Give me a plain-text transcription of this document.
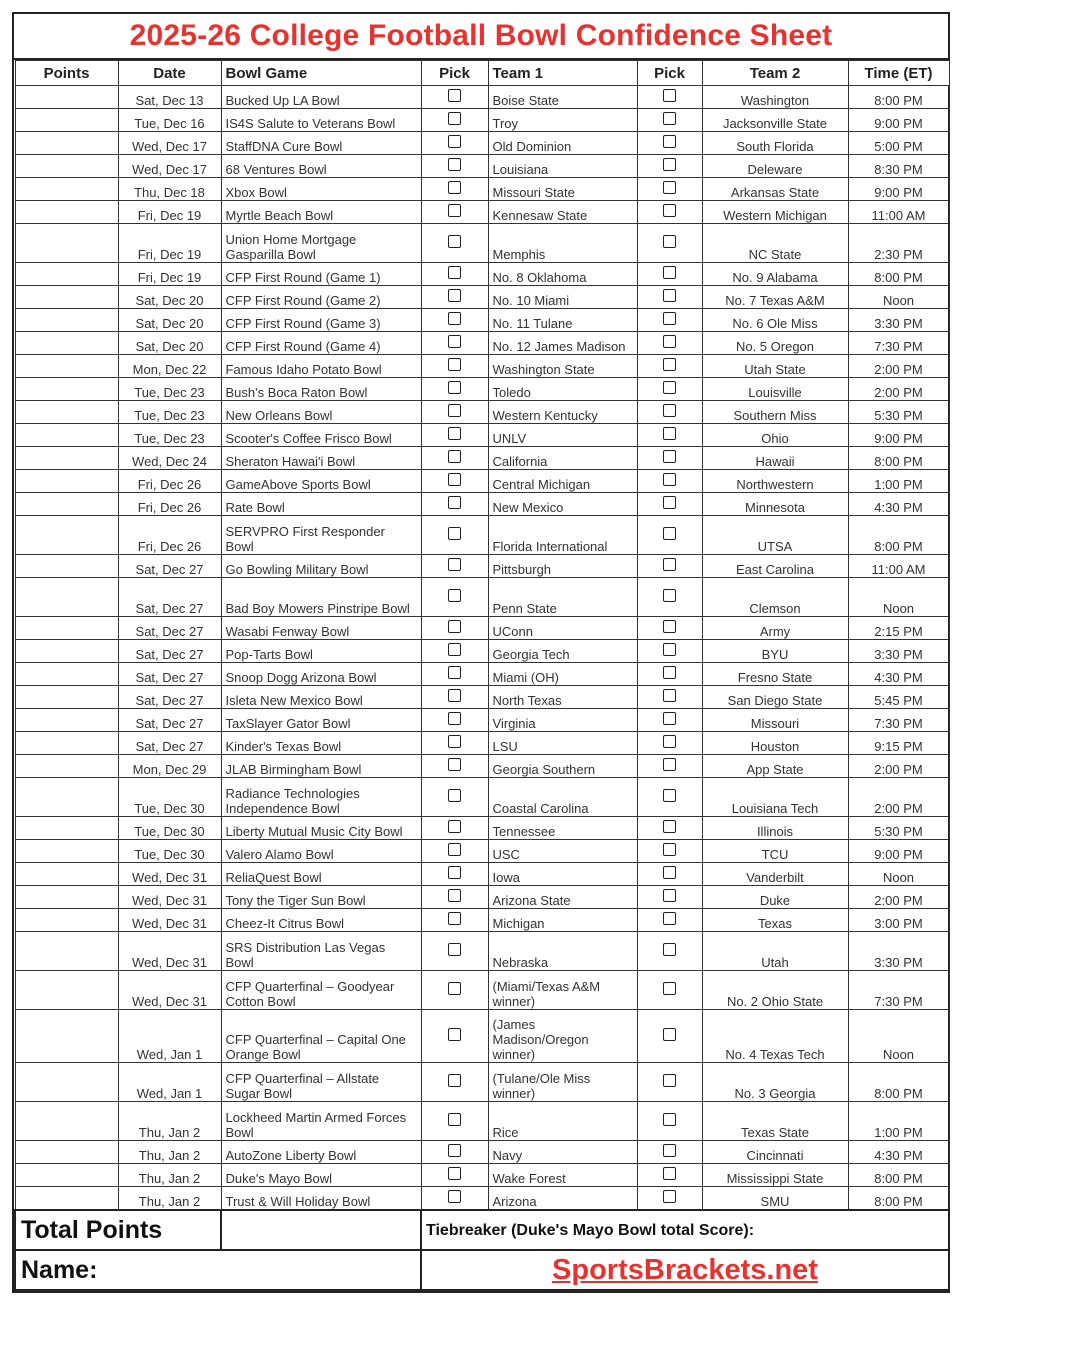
2025-26 College Football Bowl Confidence Sheet
Points	Date	Bowl Game	Pick	Team 1	Pick	Team 2	Time (ET)
	Sat, Dec 13	Bucked Up LA Bowl		Boise State		Washington	8:00 PM
	Tue, Dec 16	IS4S Salute to Veterans Bowl		Troy		Jacksonville State	9:00 PM
	Wed, Dec 17	StaffDNA Cure Bowl		Old Dominion		South Florida	5:00 PM
	Wed, Dec 17	68 Ventures Bowl		Louisiana		Deleware	8:30 PM
	Thu, Dec 18	Xbox Bowl		Missouri State		Arkansas State	9:00 PM
	Fri, Dec 19	Myrtle Beach Bowl		Kennesaw State		Western Michigan	11:00 AM
	Fri, Dec 19	Union Home Mortgage Gasparilla Bowl		Memphis		NC State	2:30 PM
	Fri, Dec 19	CFP First Round (Game 1)		No. 8 Oklahoma		No. 9 Alabama	8:00 PM
	Sat, Dec 20	CFP First Round (Game 2)		No. 10 Miami		No. 7 Texas A&M	Noon
	Sat, Dec 20	CFP First Round (Game 3)		No. 11 Tulane		No. 6 Ole Miss	3:30 PM
	Sat, Dec 20	CFP First Round (Game 4)		No. 12 James Madison		No. 5 Oregon	7:30 PM
	Mon, Dec 22	Famous Idaho Potato Bowl		Washington State		Utah State	2:00 PM
	Tue, Dec 23	Bush's Boca Raton Bowl		Toledo		Louisville	2:00 PM
	Tue, Dec 23	New Orleans Bowl		Western Kentucky		Southern Miss	5:30 PM
	Tue, Dec 23	Scooter's Coffee Frisco Bowl		UNLV		Ohio	9:00 PM
	Wed, Dec 24	Sheraton Hawai'i Bowl		California		Hawaii	8:00 PM
	Fri, Dec 26	GameAbove Sports Bowl		Central Michigan		Northwestern	1:00 PM
	Fri, Dec 26	Rate Bowl		New Mexico		Minnesota	4:30 PM
	Fri, Dec 26	SERVPRO First Responder Bowl		Florida International		UTSA	8:00 PM
	Sat, Dec 27	Go Bowling Military Bowl		Pittsburgh		East Carolina	11:00 AM
	Sat, Dec 27	Bad Boy Mowers Pinstripe Bowl		Penn State		Clemson	Noon
	Sat, Dec 27	Wasabi Fenway Bowl		UConn		Army	2:15 PM
	Sat, Dec 27	Pop-Tarts Bowl		Georgia Tech		BYU	3:30 PM
	Sat, Dec 27	Snoop Dogg Arizona Bowl		Miami (OH)		Fresno State	4:30 PM
	Sat, Dec 27	Isleta New Mexico Bowl		North Texas		San Diego State	5:45 PM
	Sat, Dec 27	TaxSlayer Gator Bowl		Virginia		Missouri	7:30 PM
	Sat, Dec 27	Kinder's Texas Bowl		LSU		Houston	9:15 PM
	Mon, Dec 29	JLAB Birmingham Bowl		Georgia Southern		App State	2:00 PM
	Tue, Dec 30	Radiance Technologies Independence Bowl		Coastal Carolina		Louisiana Tech	2:00 PM
	Tue, Dec 30	Liberty Mutual Music City Bowl		Tennessee		Illinois	5:30 PM
	Tue, Dec 30	Valero Alamo Bowl		USC		TCU	9:00 PM
	Wed, Dec 31	ReliaQuest Bowl		Iowa		Vanderbilt	Noon
	Wed, Dec 31	Tony the Tiger Sun Bowl		Arizona State		Duke	2:00 PM
	Wed, Dec 31	Cheez-It Citrus Bowl		Michigan		Texas	3:00 PM
	Wed, Dec 31	SRS Distribution Las Vegas Bowl		Nebraska		Utah	3:30 PM
	Wed, Dec 31	CFP Quarterfinal – Goodyear Cotton Bowl		(Miami/Texas A&M winner)		No. 2 Ohio State	7:30 PM
	Wed, Jan 1	CFP Quarterfinal – Capital One Orange Bowl		(James Madison/Oregon winner)		No. 4 Texas Tech	Noon
	Wed, Jan 1	CFP Quarterfinal – Allstate Sugar Bowl		(Tulane/Ole Miss winner)		No. 3 Georgia	8:00 PM
	Thu, Jan 2	Lockheed Martin Armed Forces Bowl		Rice		Texas State	1:00 PM
	Thu, Jan 2	AutoZone Liberty Bowl		Navy		Cincinnati	4:30 PM
	Thu, Jan 2	Duke's Mayo Bowl		Wake Forest		Mississippi State	8:00 PM
	Thu, Jan 2	Trust & Will Holiday Bowl		Arizona		SMU	8:00 PM
Total Points			Tiebreaker (Duke's Mayo Bowl total Score):				
Name:			SportsBrackets.net				
